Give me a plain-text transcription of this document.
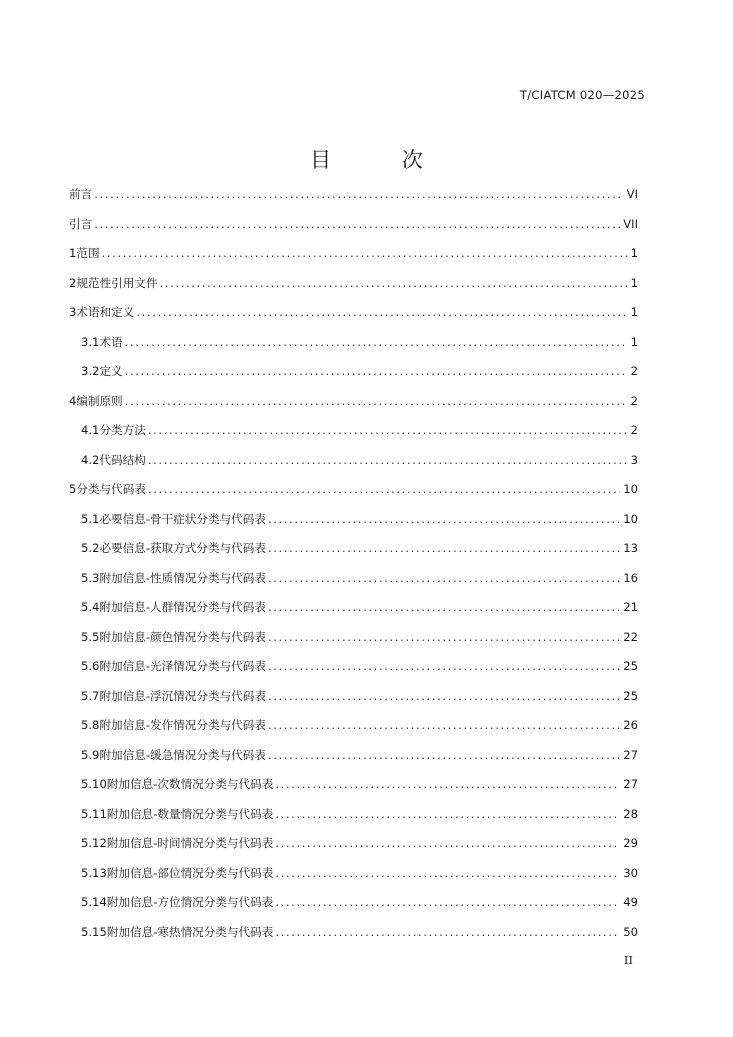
T/CIATCM 020—2025
目 次
前言 .....	VI
引言 .....	VII
1 范围 .....	1
2 规范性引用文件 .....	1
3 术语和定义 .....	1
3.1 术语 .....	1
3.2 定义 .....	2
4 编制原则 .....	2
4.1 分类方法 .....	2
4.2 代码结构 .....	3
5 分类与代码表 .....	10
5.1 必要信息-骨干症状分类与代码表 .....	10
5.2 必要信息-获取方式分类与代码表 .....	13
5.3 附加信息-性质情况分类与代码表 .....	16
5.4 附加信息-人群情况分类与代码表 .....	21
5.5 附加信息-颜色情况分类与代码表 .....	22
5.6 附加信息-光泽情况分类与代码表 .....	25
5.7 附加信息-浮沉情况分类与代码表 .....	25
5.8 附加信息-发作情况分类与代码表 .....	26
5.9 附加信息-缓急情况分类与代码表 .....	27
5.10 附加信息-次数情况分类与代码表 .....	27
5.11 附加信息-数量情况分类与代码表 .....	28
5.12 附加信息-时间情况分类与代码表 .....	29
5.13 附加信息-部位情况分类与代码表 .....	30
5.14 附加信息-方位情况分类与代码表 .....	49
5.15 附加信息-寒热情况分类与代码表 .....	50
II
